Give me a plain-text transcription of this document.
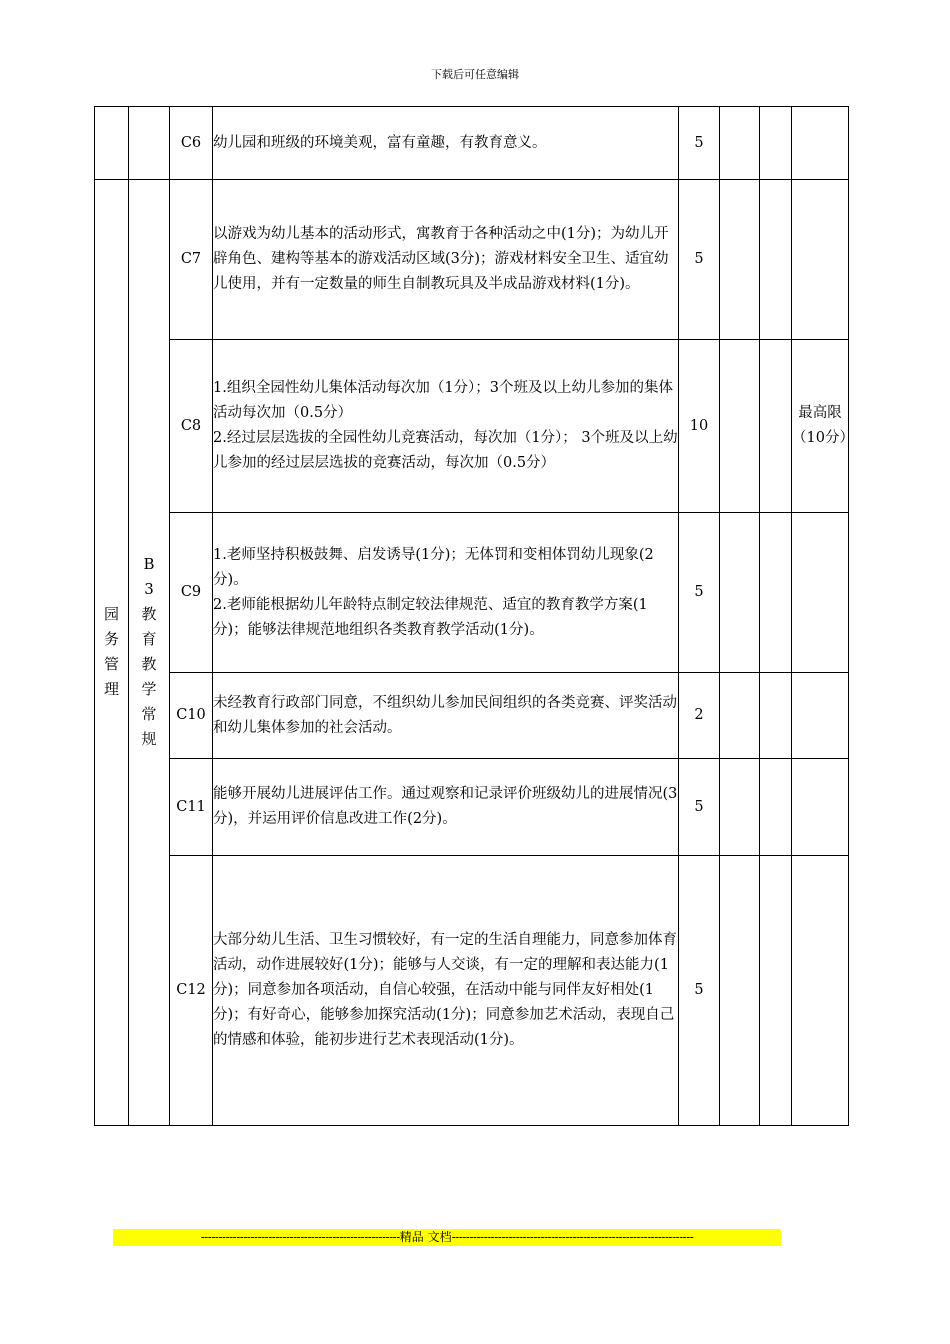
下载后可任意编辑
		C6	幼儿园和班级的环境美观，富有童趣，有教育意义。	5			
园务管理	B3教育教学常规	C7	以游戏为幼儿基本的活动形式，寓教育于各种活动之中(1分)；为幼儿开辟角色、建构等基本的游戏活动区域(3分)；游戏材料安全卫生、适宜幼儿使用，并有一定数量的师生自制教玩具及半成品游戏材料(1分)。	5			
		C8	1.组织全园性幼儿集体活动每次加（1分）；3个班及以上幼儿参加的集体活动每次加（0.5分）
2.经过层层选拔的全园性幼儿竞赛活动，每次加（1分）； 3个班及以上幼儿参加的经过层层选拔的竞赛活动，每次加（0.5分）	10			最高限（10分）
		C9	1.老师坚持积极鼓舞、启发诱导(1分)；无体罚和变相体罚幼儿现象(2分)。
2.老师能根据幼儿年龄特点制定较法律规范、适宜的教育教学方案(1分)；能够法律规范地组织各类教育教学活动(1分)。	5			
		C10	未经教育行政部门同意，不组织幼儿参加民间组织的各类竞赛、评奖活动和幼儿集体参加的社会活动。	2			
		C11	能够开展幼儿进展评估工作。通过观察和记录评价班级幼儿的进展情况(3分)，并运用评价信息改进工作(2分)。	5			
		C12	大部分幼儿生活、卫生习惯较好，有一定的生活自理能力，同意参加体育活动，动作进展较好(1分)；能够与人交谈，有一定的理解和表达能力(1分)；同意参加各项活动，自信心较强，在活动中能与同伴友好相处(1分)；有好奇心，能够参加探究活动(1分)；同意参加艺术活动，表现自己的情感和体验，能初步进行艺术表现活动(1分)。	5			
--------------------------------------------------------精品 文档--------------------------------------------------------------------
